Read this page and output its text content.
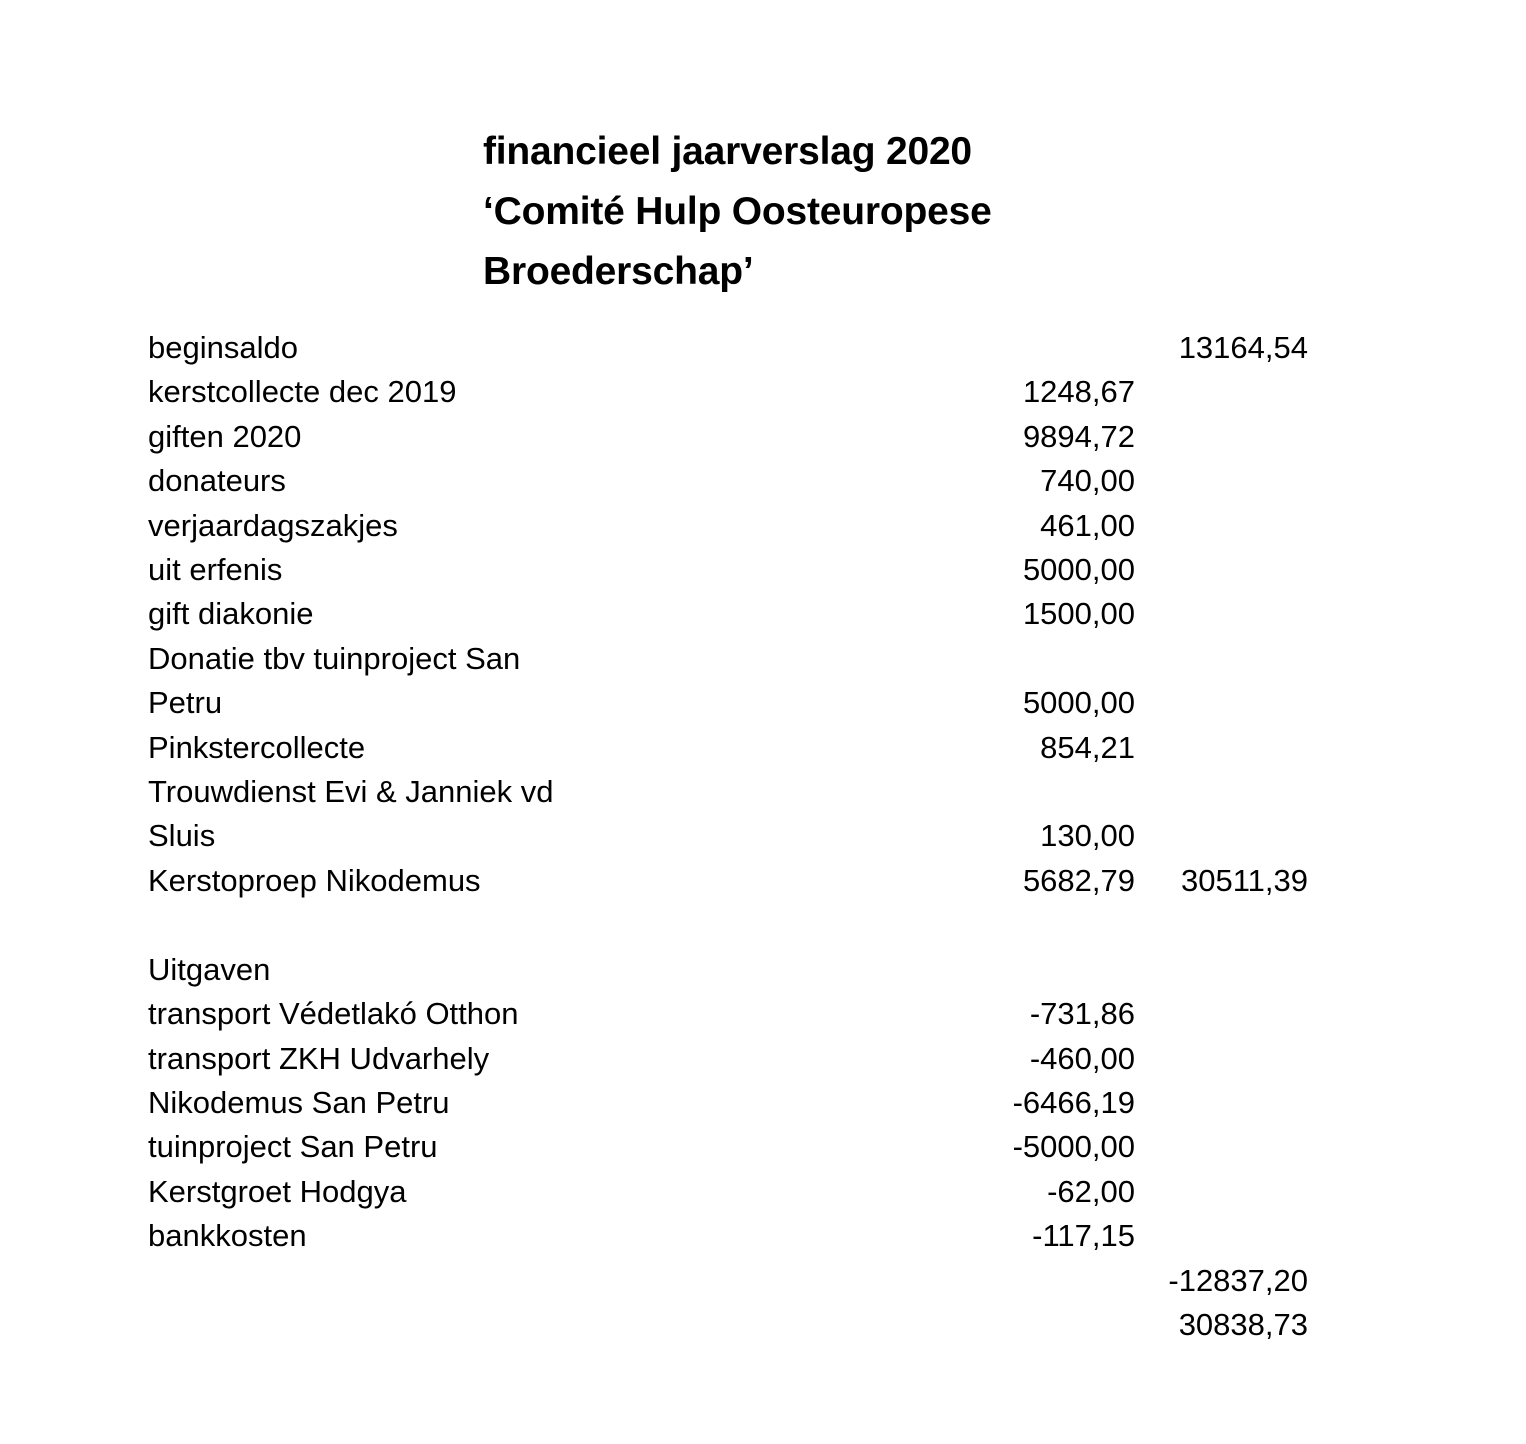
financieel jaarverslag 2020
‘Comité Hulp Oosteuropese
Broederschap’
beginsaldo		13164,54
kerstcollecte dec 2019	1248,67	
giften 2020	9894,72	
donateurs	740,00	
verjaardagszakjes	461,00	
uit erfenis	5000,00	
gift diakonie	1500,00	
Donatie tbv tuinproject San		
Petru	5000,00	
Pinkstercollecte	854,21	
Trouwdienst Evi & Janniek vd		
Sluis	130,00	
Kerstoproep Nikodemus	5682,79	30511,39

Uitgaven		
transport Védetlakó Otthon	-731,86	
transport ZKH Udvarhely	-460,00	
Nikodemus San Petru	-6466,19	
tuinproject San Petru	-5000,00	
Kerstgroet Hodgya	-62,00	
bankkosten	-117,15	
		-12837,20
		30838,73
